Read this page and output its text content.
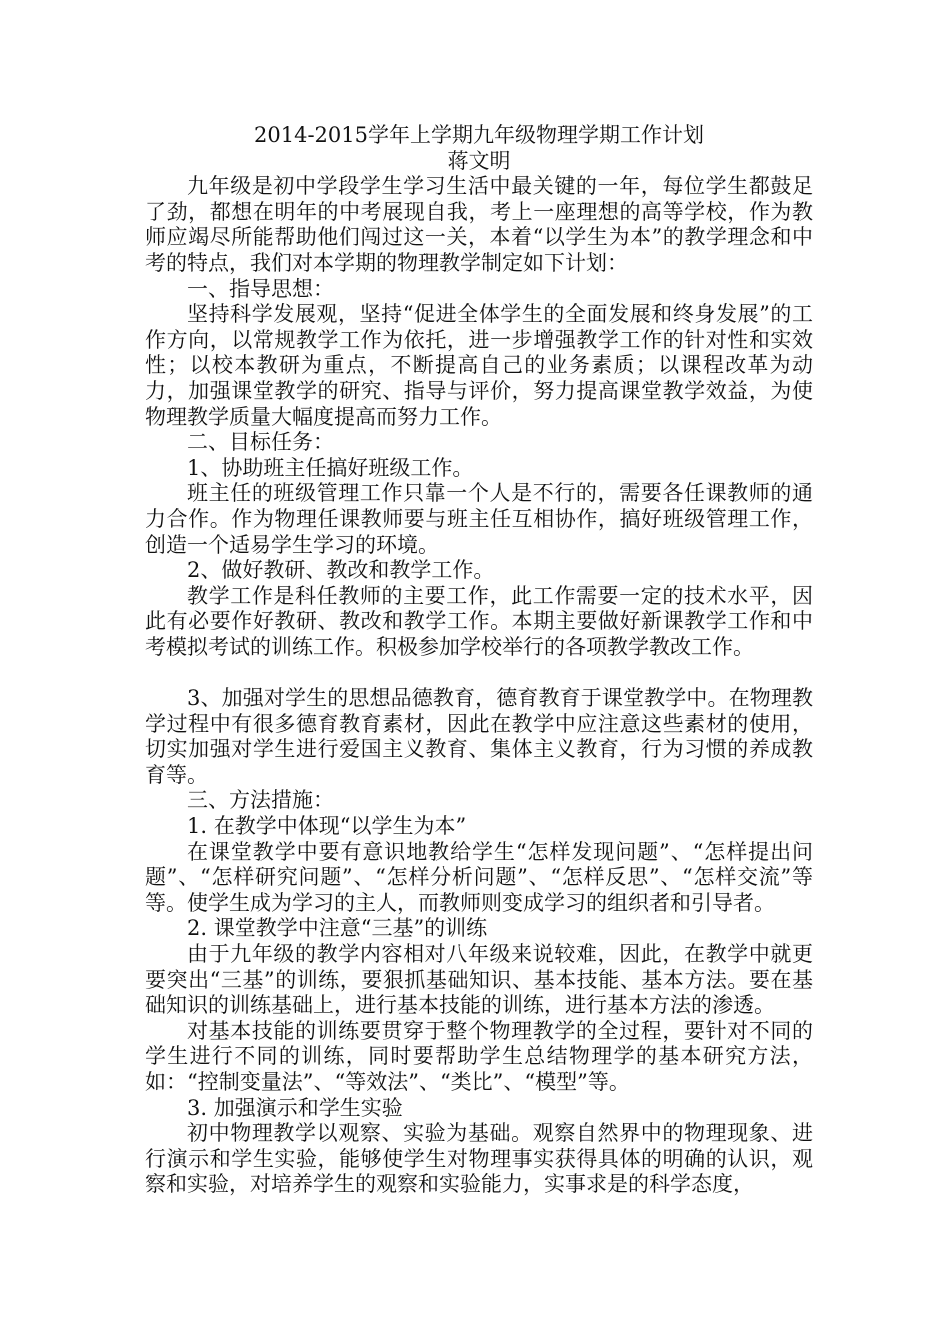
2014-2015学年上学期九年级物理学期工作计划
蒋文明

九年级是初中学段学生学习生活中最关键的一年，每位学生都鼓足了劲，都想在明年的中考展现自我，考上一座理想的高等学校，作为教师应竭尽所能帮助他们闯过这一关，本着“以学生为本”的教学理念和中考的特点，我们对本学期的物理教学制定如下计划：

一、指导思想：

坚持科学发展观，坚持“促进全体学生的全面发展和终身发展”的工作方向，以常规教学工作为依托，进一步增强教学工作的针对性和实效性；以校本教研为重点，不断提高自己的业务素质；以课程改革为动力，加强课堂教学的研究、指导与评价，努力提高课堂教学效益，为使物理教学质量大幅度提高而努力工作。

二、目标任务：

1、协助班主任搞好班级工作。

班主任的班级管理工作只靠一个人是不行的，需要各任课教师的通力合作。作为物理任课教师要与班主任互相协作，搞好班级管理工作，创造一个适易学生学习的环境。

2、做好教研、教改和教学工作。

教学工作是科任教师的主要工作，此工作需要一定的技术水平，因此有必要作好教研、教改和教学工作。本期主要做好新课教学工作和中考模拟考试的训练工作。积极参加学校举行的各项教学教改工作。

3、加强对学生的思想品德教育，德育教育于课堂教学中。在物理教学过程中有很多德育教育素材，因此在教学中应注意这些素材的使用，切实加强对学生进行爱国主义教育、集体主义教育，行为习惯的养成教育等。

三、方法措施：

1. 在教学中体现“以学生为本”

在课堂教学中要有意识地教给学生“怎样发现问题”、“怎样提出问题”、“怎样研究问题”、“怎样分析问题”、“怎样反思”、“怎样交流”等等。使学生成为学习的主人，而教师则变成学习的组织者和引导者。

2. 课堂教学中注意“三基”的训练

由于九年级的教学内容相对八年级来说较难，因此，在教学中就更要突出“三基”的训练，要狠抓基础知识、基本技能、基本方法。要在基础知识的训练基础上，进行基本技能的训练，进行基本方法的渗透。

对基本技能的训练要贯穿于整个物理教学的全过程，要针对不同的学生进行不同的训练，同时要帮助学生总结物理学的基本研究方法，如：“控制变量法”、“等效法”、“类比”、“模型”等。

3. 加强演示和学生实验

初中物理教学以观察、实验为基础。观察自然界中的物理现象、进行演示和学生实验，能够使学生对物理事实获得具体的明确的认识，观察和实验，对培养学生的观察和实验能力，实事求是的科学态度，
